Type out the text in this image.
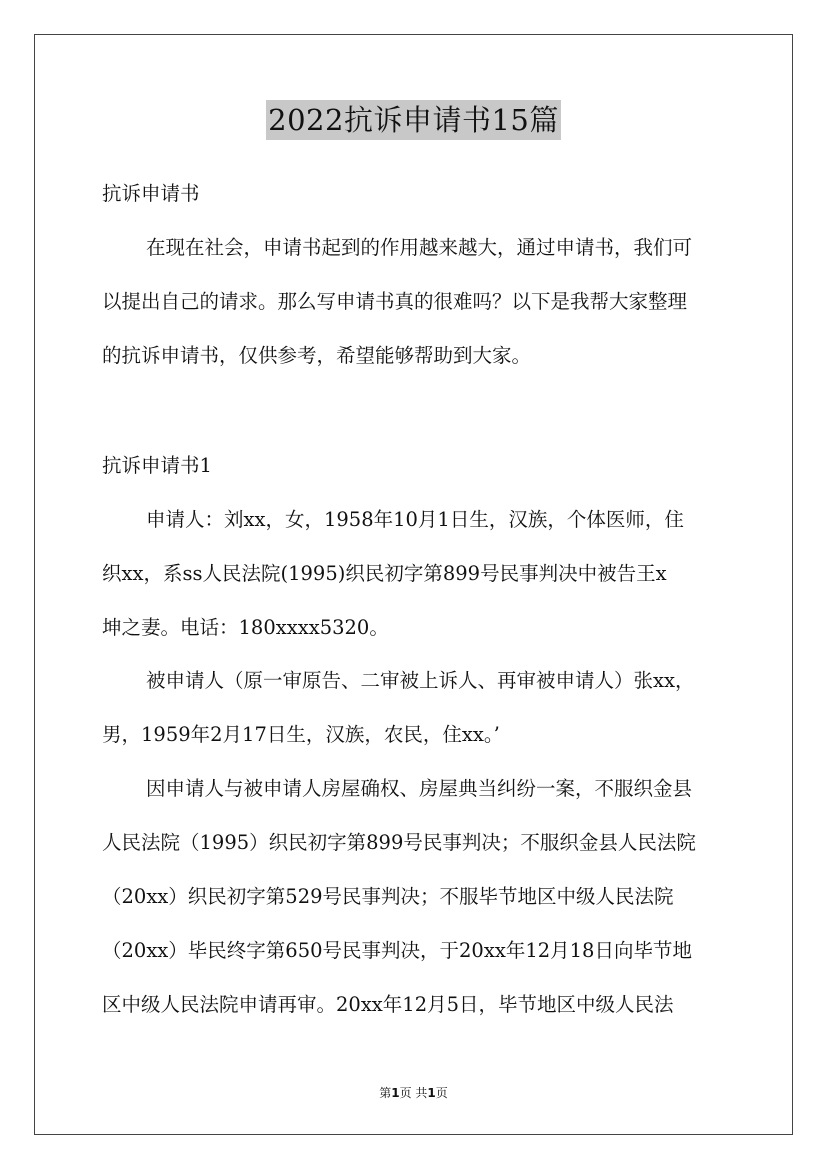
2022抗诉申请书15篇
抗诉申请书
在现在社会，申请书起到的作用越来越大，通过申请书，我们可
以提出自己的请求。那么写申请书真的很难吗？以下是我帮大家整理
的抗诉申请书，仅供参考，希望能够帮助到大家。
抗诉申请书1
申请人：刘xx，女，1958年10月1日生，汉族，个体医师，住
织xx，系ss人民法院(1995)织民初字第899号民事判决中被告王x
坤之妻。电话：180xxxx5320。
被申请人（原一审原告、二审被上诉人、再审被申请人）张xx，
男，1959年2月17日生，汉族，农民，住xx。’
因申请人与被申请人房屋确权、房屋典当纠纷一案，不服织金县
人民法院（1995）织民初字第899号民事判决；不服织金县人民法院
（20xx）织民初字第529号民事判决；不服毕节地区中级人民法院
（20xx）毕民终字第650号民事判决，于20xx年12月18日向毕节地
区中级人民法院申请再审。20xx年12月5日，毕节地区中级人民法
第1页 共1页
